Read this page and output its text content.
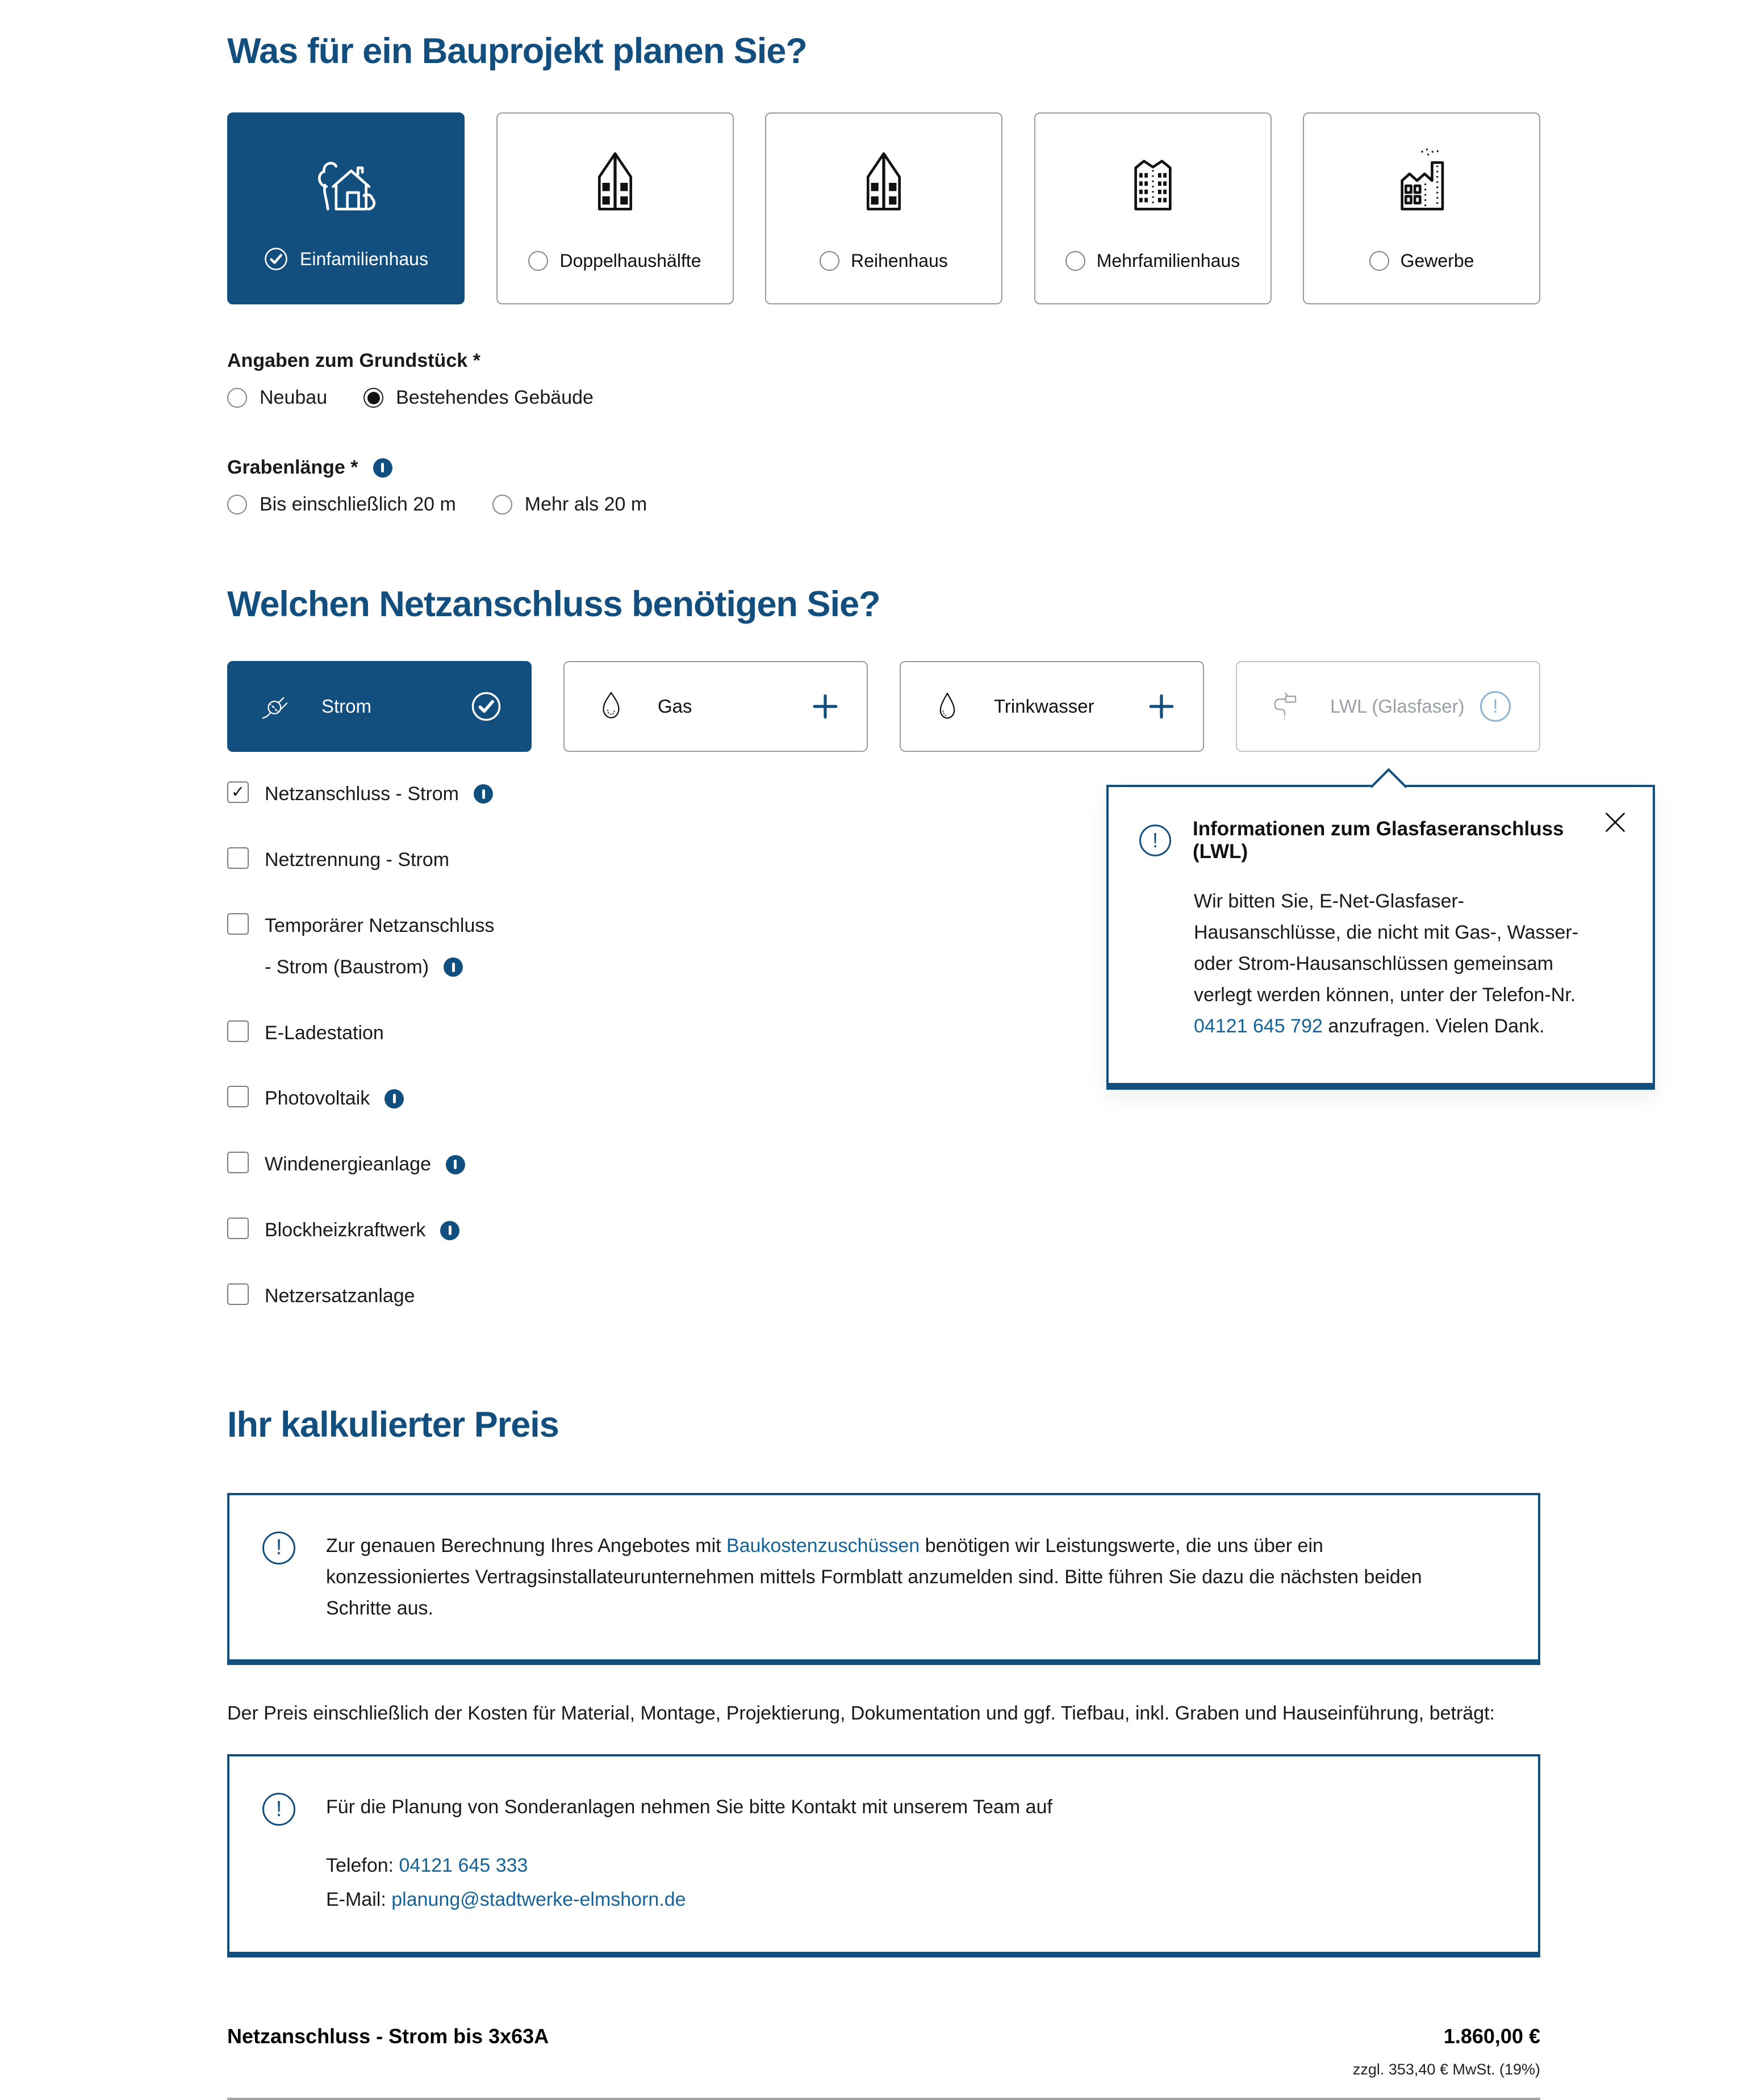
Was für ein Bauprojekt planen Sie?
Einfamilienhaus	Doppelhaushälfte	Reihenhaus	Mehrfamilienhaus	Gewerbe
Angaben zum Grundstück *
Neubau	Bestehendes Gebäude
Grabenlänge *
Bis einschließlich 20 m	Mehr als 20 m
Welchen Netzanschluss benötigen Sie?
Strom	Gas	Trinkwasser	LWL (Glasfaser)	!
✓
Netzanschluss - Strom
Netztrennung - Strom
Temporärer Netzanschluss
- Strom (Baustrom)
E-Ladestation
Photovoltaik
Windenergieanlage
Blockheizkraftwerk
Netzersatzanlage
!	Informationen zum Glasfaseranschluss (LWL)
Wir bitten Sie, E-Net-Glasfaser-Hausanschlüsse, die nicht mit Gas-, Wasser- oder Strom-Hausanschlüssen gemeinsam verlegt werden können, unter der Telefon-Nr. 04121 645 792 anzufragen. Vielen Dank.
Ihr kalkulierter Preis
!	Zur genauen Berechnung Ihres Angebotes mit Baukostenzuschüssen benötigen wir Leistungswerte, die uns über ein konzessioniertes Vertragsinstallateurunternehmen mittels Formblatt anzumelden sind. Bitte führen Sie dazu die nächsten beiden Schritte aus.
Der Preis einschließlich der Kosten für Material, Montage, Projektierung, Dokumentation und ggf. Tiefbau, inkl. Graben und Hauseinführung, beträgt:
!	Für die Planung von Sonderanlagen nehmen Sie bitte Kontakt mit unserem Team auf
Telefon: 04121 645 333
E-Mail: planung@stadtwerke-elmshorn.de
Netzanschluss - Strom bis 3x63A	1.860,00 €
zzgl. 353,40 € MwSt. (19%)
